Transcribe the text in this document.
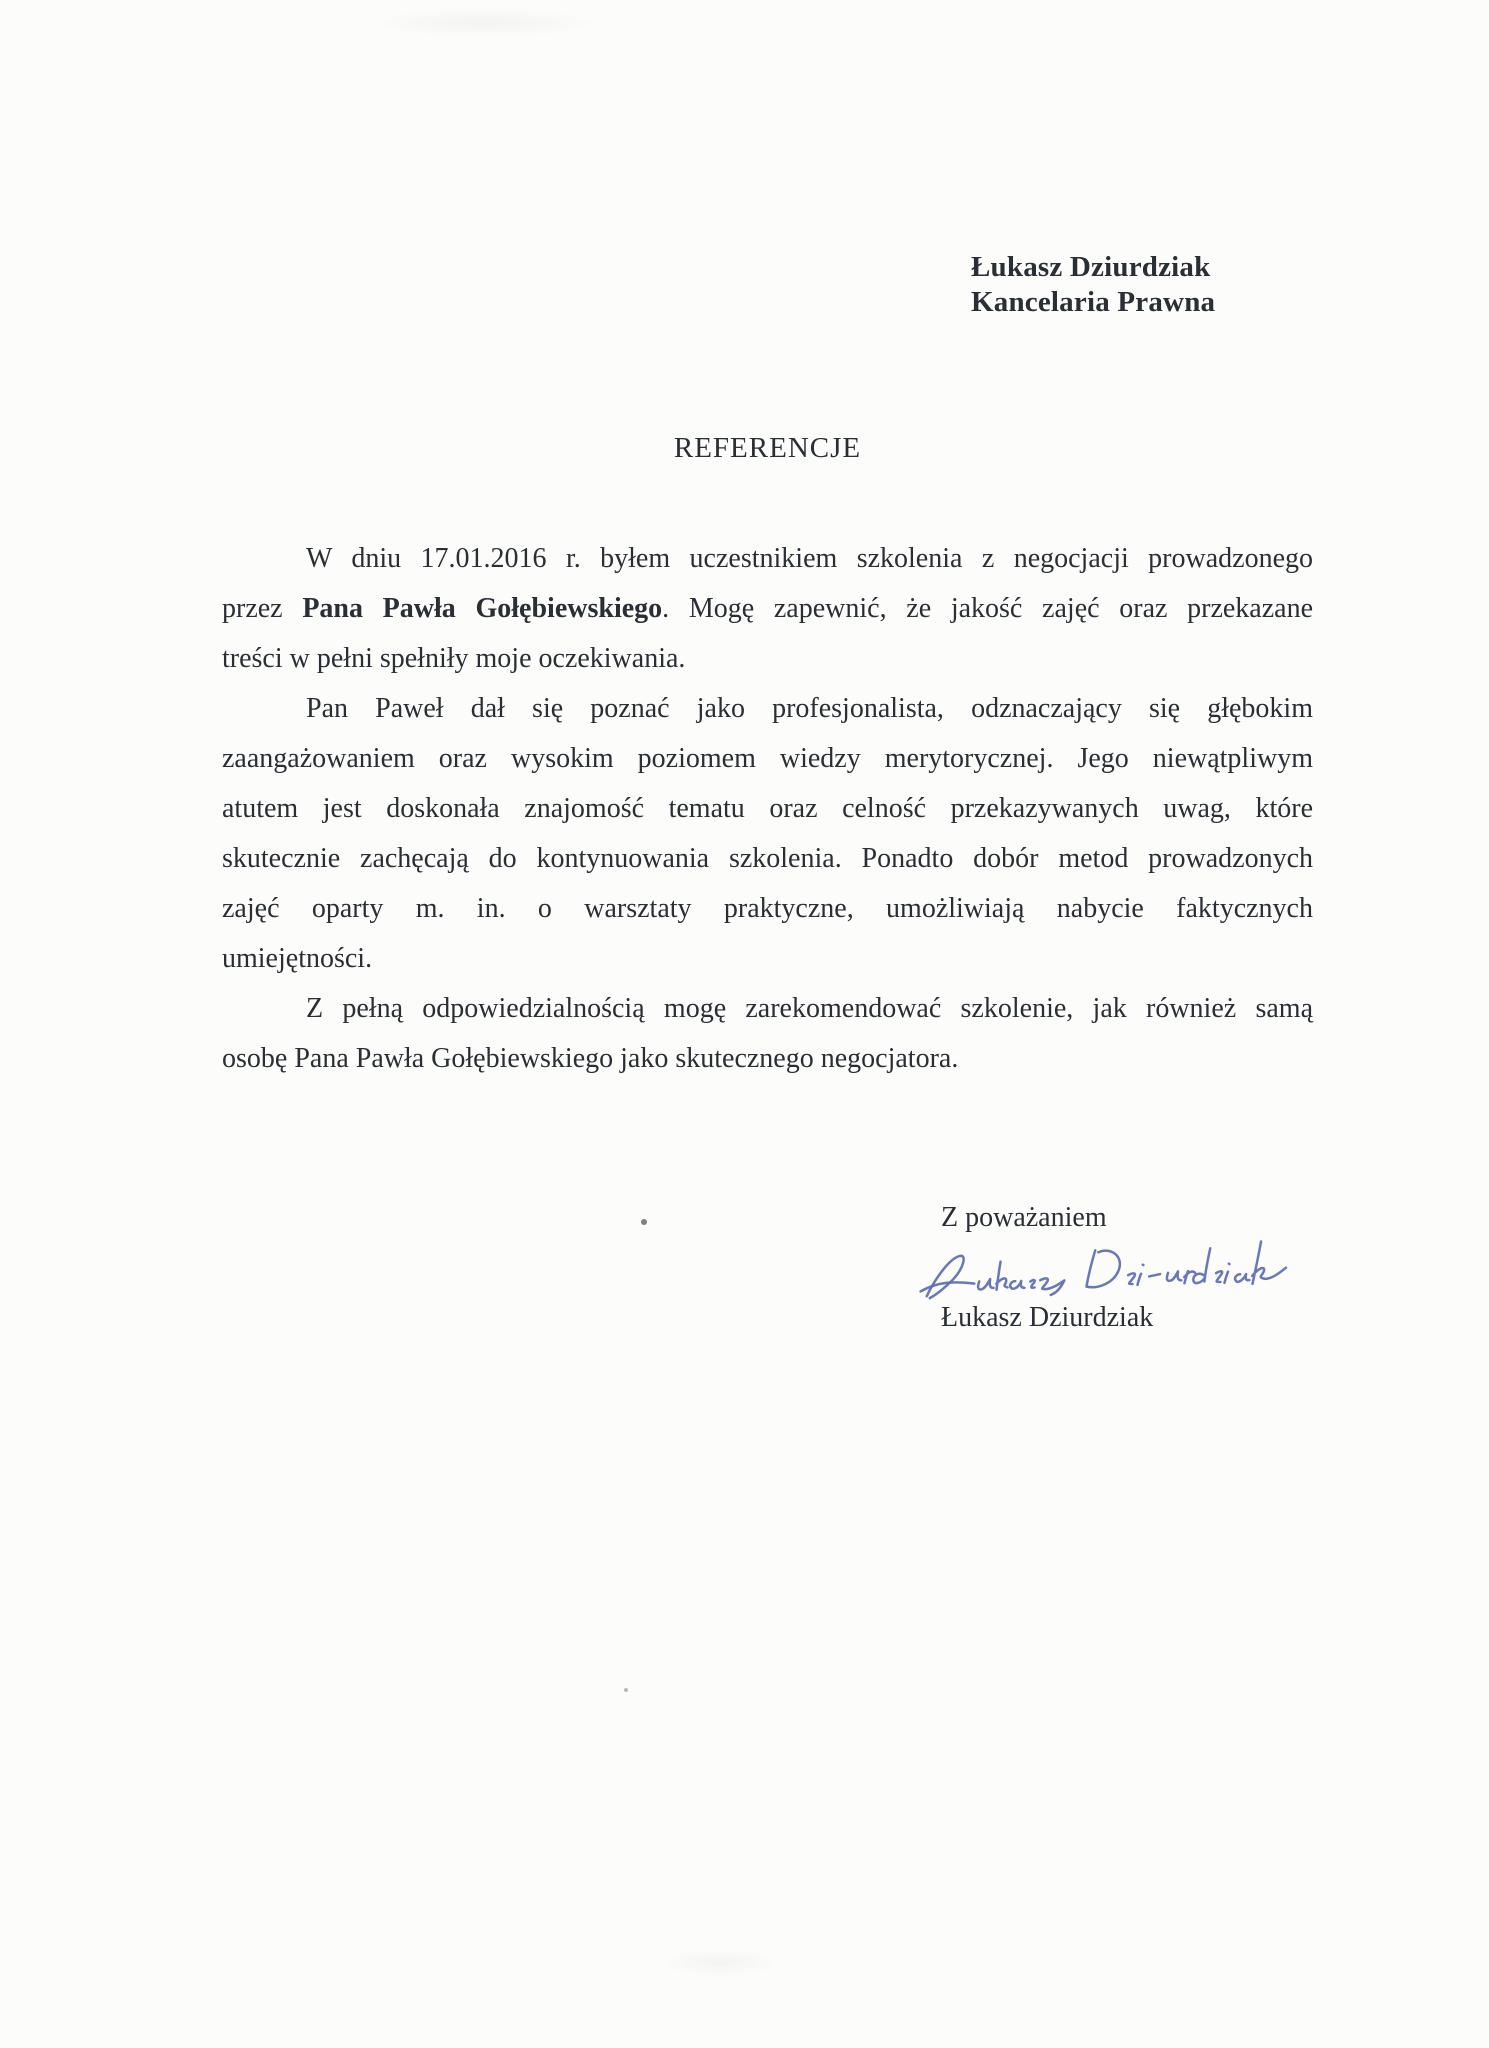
Łukasz Dziurdziak
Kancelaria Prawna
REFERENCJE
W dniu 17.01.2016 r. byłem uczestnikiem szkolenia z negocjacji prowadzonego
przez Pana Pawła Gołębiewskiego. Mogę zapewnić, że jakość zajęć oraz przekazane
treści w pełni spełniły moje oczekiwania.
Pan Paweł dał się poznać jako profesjonalista, odznaczający się głębokim
zaangażowaniem oraz wysokim poziomem wiedzy merytorycznej. Jego niewątpliwym
atutem jest doskonała znajomość tematu oraz celność przekazywanych uwag, które
skutecznie zachęcają do kontynuowania szkolenia. Ponadto dobór metod prowadzonych
zajęć oparty m. in. o warsztaty praktyczne, umożliwiają nabycie faktycznych
umiejętności.
Z pełną odpowiedzialnością mogę zarekomendować szkolenie, jak również samą
osobę Pana Pawła Gołębiewskiego jako skutecznego negocjatora.
Z poważaniem
Łukasz Dziurdziak
